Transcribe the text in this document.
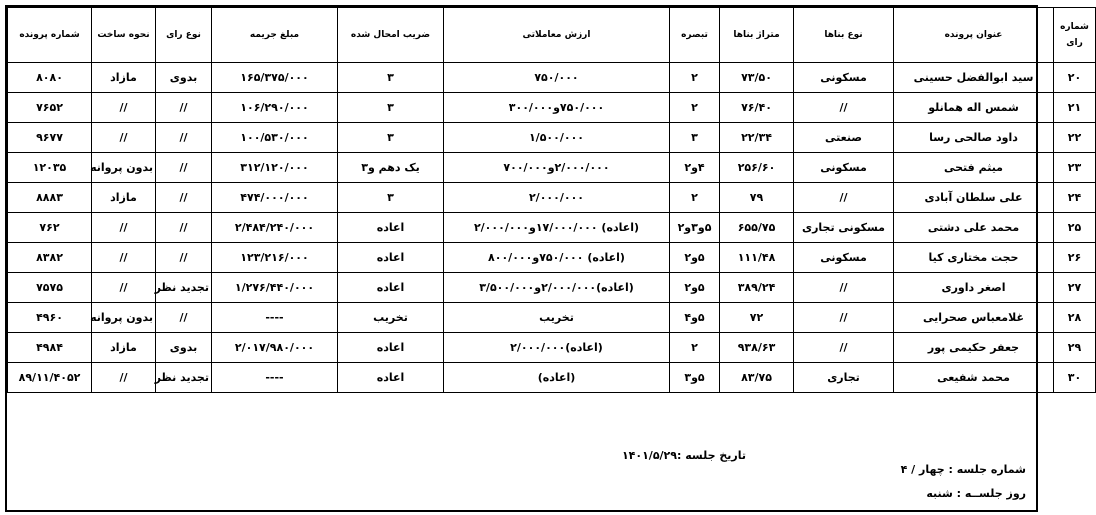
شماره رای	عنوان پرونده	نوع بناها	متراژ بناها	تبصره	ارزش معاملاتی	ضریب امحال شده	مبلغ جریمه	نوع رای	نحوه ساخت	شماره پرونده
۲۰	سید ابوالفضل حسینی	مسکونی	۷۳/۵۰	۲	۷۵۰/۰۰۰	۳	۱۶۵/۳۷۵/۰۰۰	بدوی	مازاد	۸۰۸۰
۲۱	شمس اله همانلو	//	۷۶/۴۰	۲	۷۵۰/۰۰۰و۳۰۰/۰۰۰	۳	۱۰۶/۲۹۰/۰۰۰	//	//	۷۶۵۲
۲۲	داود صالحی رسا	صنعتی	۲۲/۳۴	۳	۱/۵۰۰/۰۰۰	۳	۱۰۰/۵۳۰/۰۰۰	//	//	۹۶۷۷
۲۳	میثم فتحی	مسکونی	۲۵۶/۶۰	۴و۲	۲/۰۰۰/۰۰۰و۷۰۰/۰۰۰	یک دهم و۳	۳۱۲/۱۲۰/۰۰۰	//	بدون پروانه	۱۲۰۳۵
۲۴	علی سلطان آبادی	//	۷۹	۲	۲/۰۰۰/۰۰۰	۳	۴۷۴/۰۰۰/۰۰۰	//	مازاد	۸۸۸۳
۲۵	محمد علی دشتی	مسکونی تجاری	۶۵۵/۷۵	۵و۳و۲	(اعاده) ۱۷/۰۰۰/۰۰۰و۲/۰۰۰/۰۰۰	اعاده	۲/۴۸۴/۲۴۰/۰۰۰	//	//	۷۶۲
۲۶	حجت مختاری کیا	مسکونی	۱۱۱/۴۸	۵و۲	(اعاده) ۷۵۰/۰۰۰و۸۰۰/۰۰۰	اعاده	۱۲۳/۲۱۶/۰۰۰	//	//	۸۳۸۲
۲۷	اصغر داوری	//	۳۸۹/۲۴	۵و۲	(اعاده)۲/۰۰۰/۰۰۰و۳/۵۰۰/۰۰۰	اعاده	۱/۲۷۶/۴۴۰/۰۰۰	تجدید نظر	//	۷۵۷۵
۲۸	غلامعباس صحرایی	//	۷۲	۵و۴	تخریب	تخریب	----	//	بدون پروانه	۴۹۶۰
۲۹	جعفر حکیمی پور	//	۹۳۸/۶۳	۲	(اعاده)۲/۰۰۰/۰۰۰	اعاده	۲/۰۱۷/۹۸۰/۰۰۰	بدوی	مازاد	۴۹۸۴
۳۰	محمد شفیعی	تجاری	۸۳/۷۵	۵و۳	(اعاده)	اعاده	----	تجدید نظر	//	۸۹/۱۱/۴۰۵۲
شماره جلسه : چهار / ۴
روز جلســه : شنبه
تاریخ جلسه :۱۴۰۱/۵/۲۹
